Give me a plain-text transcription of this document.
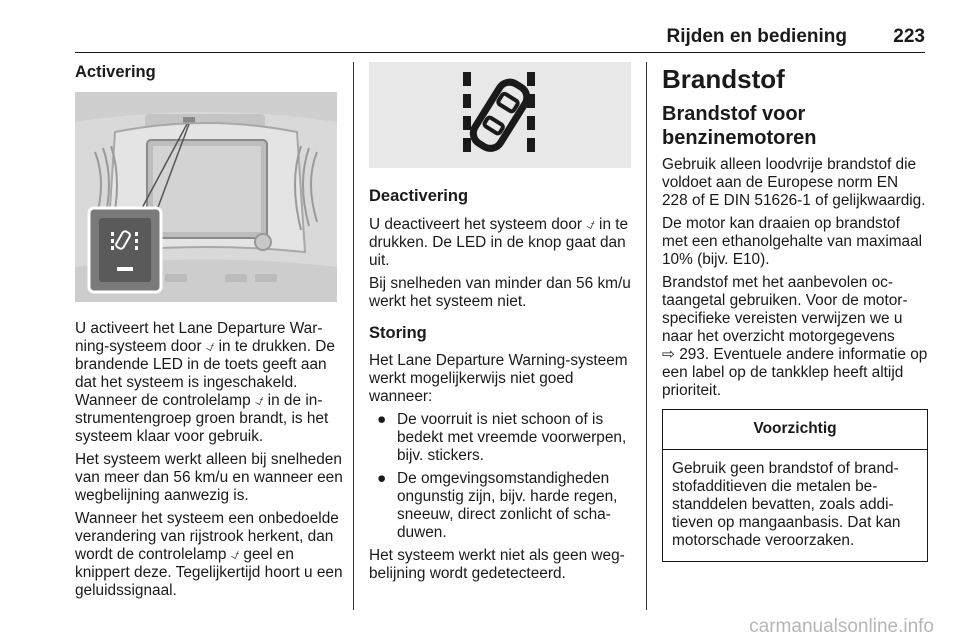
Rijden en bediening 223
Activering

U activeert het Lane Departure Warning-systeem door ⍻ in te drukken. De brandende LED in de toets geeft aan dat het systeem is ingeschakeld. Wanneer de controlelamp ⍻ in de instrumentengroep groen brandt, is het systeem klaar voor gebruik.

Het systeem werkt alleen bij snelheden van meer dan 56 km/u en wanneer een wegbelijning aanwezig is.

Wanneer het systeem een onbedoelde verandering van rijstrook herkent, dan wordt de controlelamp ⍻ geel en knippert deze. Tegelijkertijd hoort u een geluidssignaal.

Deactivering

U deactiveert het systeem door ⍻ in te drukken. De LED in de knop gaat dan uit.

Bij snelheden van minder dan 56 km/u werkt het systeem niet.

Storing

Het Lane Departure Warning-systeem werkt mogelijkerwijs niet goed wanneer:

● De voorruit is niet schoon of is bedekt met vreemde voorwerpen, bijv. stickers.
● De omgevingsomstandigheden ongunstig zijn, bijv. harde regen, sneeuw, direct zonlicht of schaduwen.

Het systeem werkt niet als geen wegbelijning wordt gedetecteerd.

Brandstof
Brandstof voor benzinemotoren

Gebruik alleen loodvrije brandstof die voldoet aan de Europese norm EN 228 of E DIN 51626-1 of gelijkwaardig.

De motor kan draaien op brandstof met een ethanolgehalte van maximaal 10% (bijv. E10).

Brandstof met het aanbevolen octaangetal gebruiken. Voor de motorspecifieke vereisten verwijzen we u naar het overzicht motorgegevens
⇨ 293. Eventuele andere informatie op een label op de tankklep heeft altijd prioriteit.

Voorzichtig
Gebruik geen brandstof of brandstofadditieven die metalen bestanddelen bevatten, zoals additieven op mangaanbasis. Dat kan motorschade veroorzaken.
carmanualsonline.info
